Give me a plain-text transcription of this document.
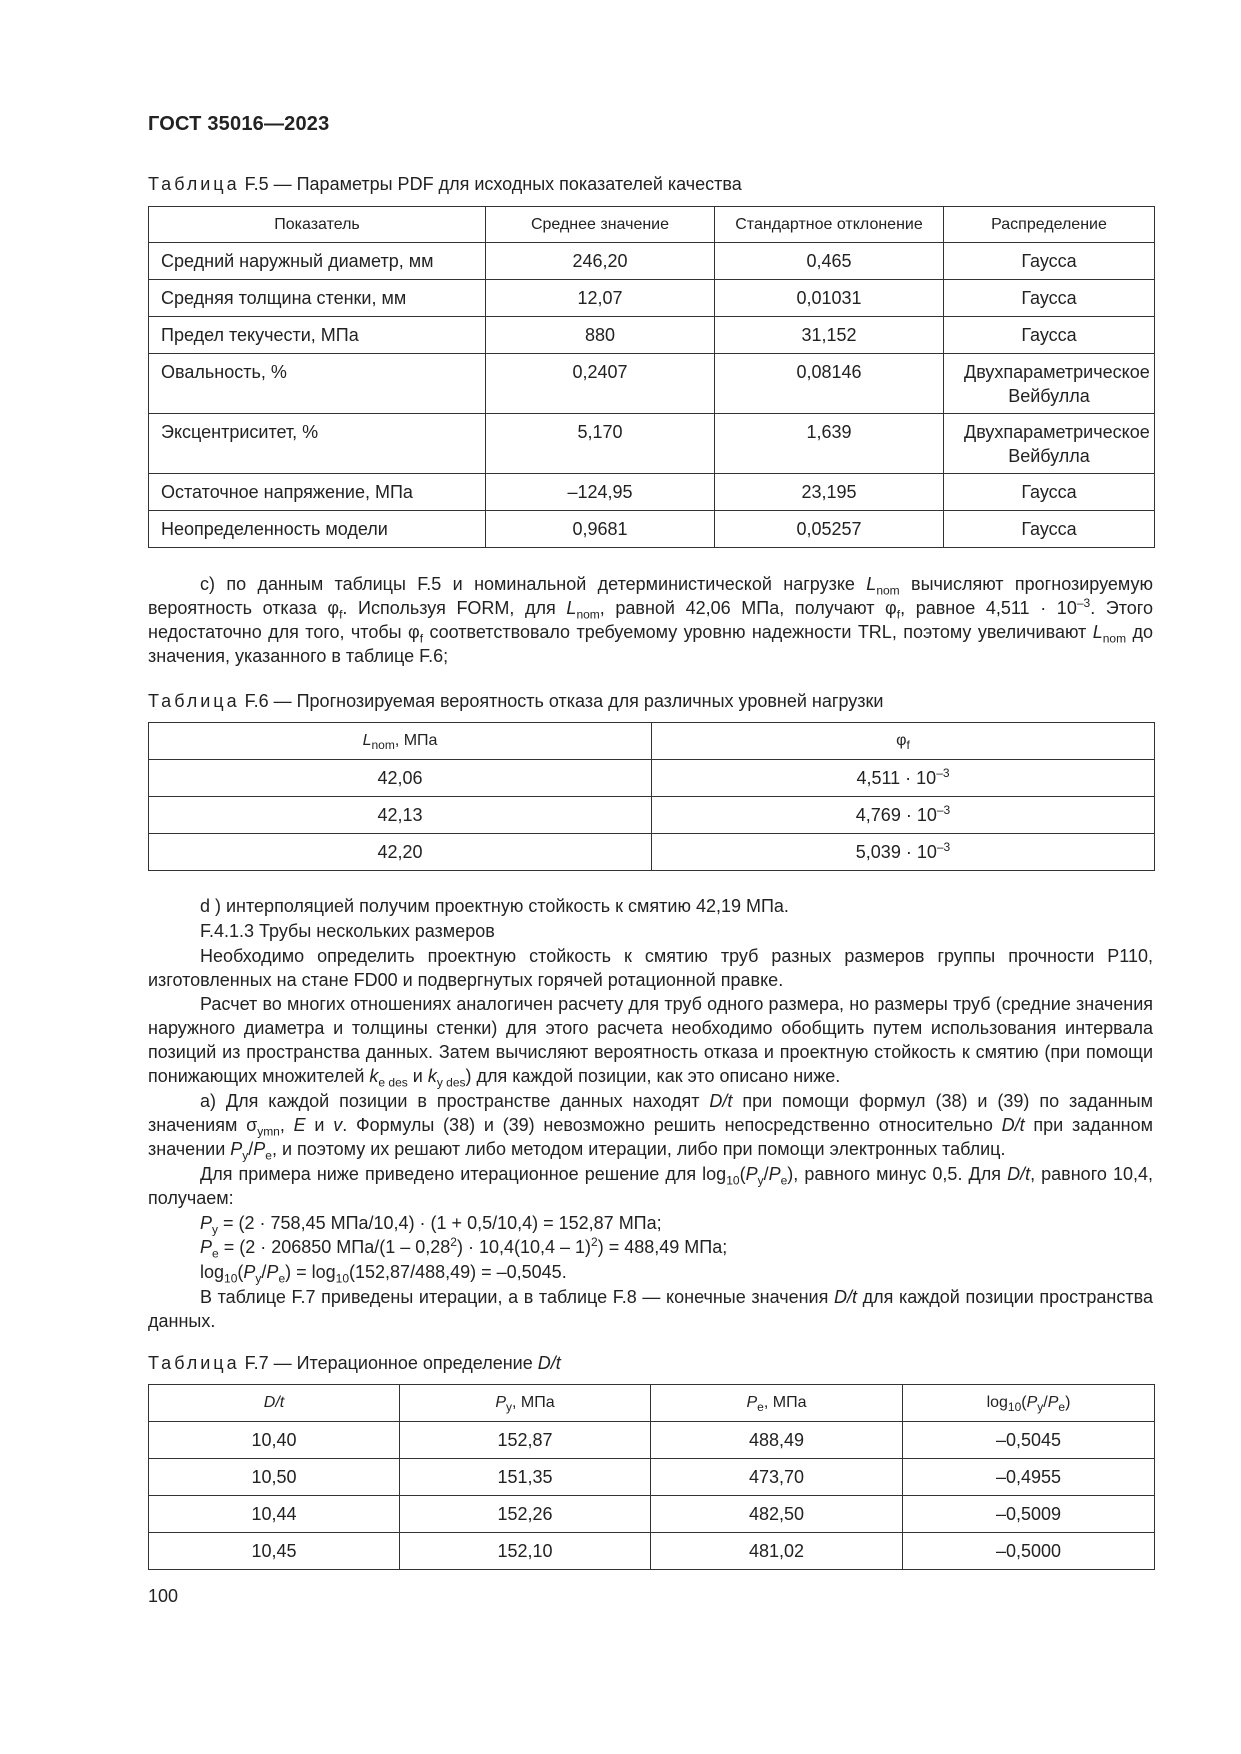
ГОСТ 35016—2023
Таблица F.5 — Параметры PDF для исходных показателей качества
Показатель	Среднее значение	Стандартное отклонение	Распределение
Средний наружный диаметр, мм	246,20	0,465	Гаусса
Средняя толщина стенки, мм	12,07	0,01031	Гаусса
Предел текучести, МПа	880	31,152	Гаусса
Овальность, %	0,2407	0,08146	Двухпараметрическое Вейбулла
Эксцентриситет, %	5,170	1,639	Двухпараметрическое Вейбулла
Остаточное напряжение, МПа	–124,95	23,195	Гаусса
Неопределенность модели	0,9681	0,05257	Гаусса
c) по данным таблицы F.5 и номинальной детерминистической нагрузке $L_{nom}$ вычисляют прогнозируемую вероятность отказа $\varphi_f$. Используя FORM, для $L_{nom}$, равной 42,06 МПа, получают $\varphi_f$, равное $4,511 \cdot 10^{-3}$. Этого недостаточно для того, чтобы $\varphi_f$ соответствовало требуемому уровню надежности TRL, поэтому увеличивают $L_{nom}$ до значения, указанного в таблице F.6;
Таблица F.6 — Прогнозируемая вероятность отказа для различных уровней нагрузки
$L_{nom}$, МПа	$\varphi_f$
42,06	$4,511 \cdot 10^{-3}$
42,13	$4,769 \cdot 10^{-3}$
42,20	$5,039 \cdot 10^{-3}$
d ) интерполяцией получим проектную стойкость к смятию 42,19 МПа.
F.4.1.3 Трубы нескольких размеров
Необходимо определить проектную стойкость к смятию труб разных размеров группы прочности Р110, изготовленных на стане FD00 и подвергнутых горячей ротационной правке.
Расчет во многих отношениях аналогичен расчету для труб одного размера, но размеры труб (средние значения наружного диаметра и толщины стенки) для этого расчета необходимо обобщить путем использования интервала позиций из пространства данных. Затем вычисляют вероятность отказа и проектную стойкость к смятию (при помощи понижающих множителей $k_{e des}$ и $k_{y des}$) для каждой позиции, как это описано ниже.
a) Для каждой позиции в пространстве данных находят D/t при помощи формул (38) и (39) по заданным значениям $\sigma_{ymn}$, E и v. Формулы (38) и (39) невозможно решить непосредственно относительно D/t при заданном значении $P_y/P_e$, и поэтому их решают либо методом итерации, либо при помощи электронных таблиц.
Для примера ниже приведено итерационное решение для $\log_{10}(P_y/P_e)$, равного минус 0,5. Для D/t, равного 10,4, получаем:
$P_y = (2 \cdot 758,45$ МПа/10,4) · (1 + 0,5/10,4) = 152,87 МПа;
$P_e = (2 \cdot 206850$ $МПа/(1 - 0,28^2) \cdot 10,4(10,4 - 1)^2) = 488,49$ МПа;
$\log_{10}(P_y/P_e) = \log_{10}(152,87/488,49) = -0,5045$.
В таблице F.7 приведены итерации, а в таблице F.8 — конечные значения D/t для каждой позиции пространства данных.
Таблица F.7 — Итерационное определение D/t
D/t	$P_y$, МПа	$P_e$, МПа	$\log_{10}(P_y/P_e)$
10,40	152,87	488,49	–0,5045
10,50	151,35	473,70	–0,4955
10,44	152,26	482,50	–0,5009
10,45	152,10	481,02	–0,5000
100
